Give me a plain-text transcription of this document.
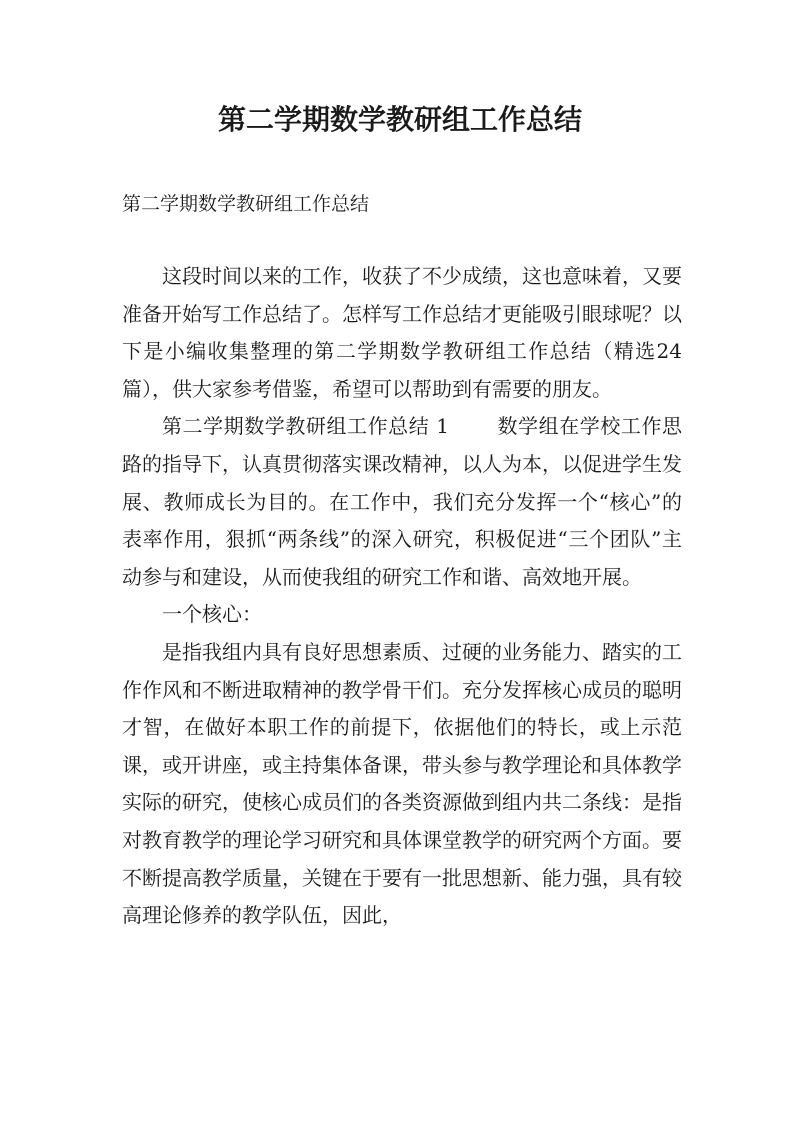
第二学期数学教研组工作总结
第二学期数学教研组工作总结

这段时间以来的工作，收获了不少成绩，这也意味着，又要准备开始写工作总结了。怎样写工作总结才更能吸引眼球呢？以下是小编收集整理的第二学期数学教研组工作总结（精选24篇），供大家参考借鉴，希望可以帮助到有需要的朋友。

第二学期数学教研组工作总结 1 数学组在学校工作思路的指导下，认真贯彻落实课改精神，以人为本，以促进学生发展、教师成长为目的。在工作中，我们充分发挥一个“核心”的表率作用，狠抓“两条线”的深入研究，积极促进“三个团队”主动参与和建设，从而使我组的研究工作和谐、高效地开展。

一个核心：

是指我组内具有良好思想素质、过硬的业务能力、踏实的工作作风和不断进取精神的教学骨干们。充分发挥核心成员的聪明才智，在做好本职工作的前提下，依据他们的特长，或上示范课，或开讲座，或主持集体备课，带头参与教学理论和具体教学实际的研究，使核心成员们的各类资源做到组内共二条线：是指对教育教学的理论学习研究和具体课堂教学的研究两个方面。要不断提高教学质量，关键在于要有一批思想新、能力强，具有较高理论修养的教学队伍，因此，
